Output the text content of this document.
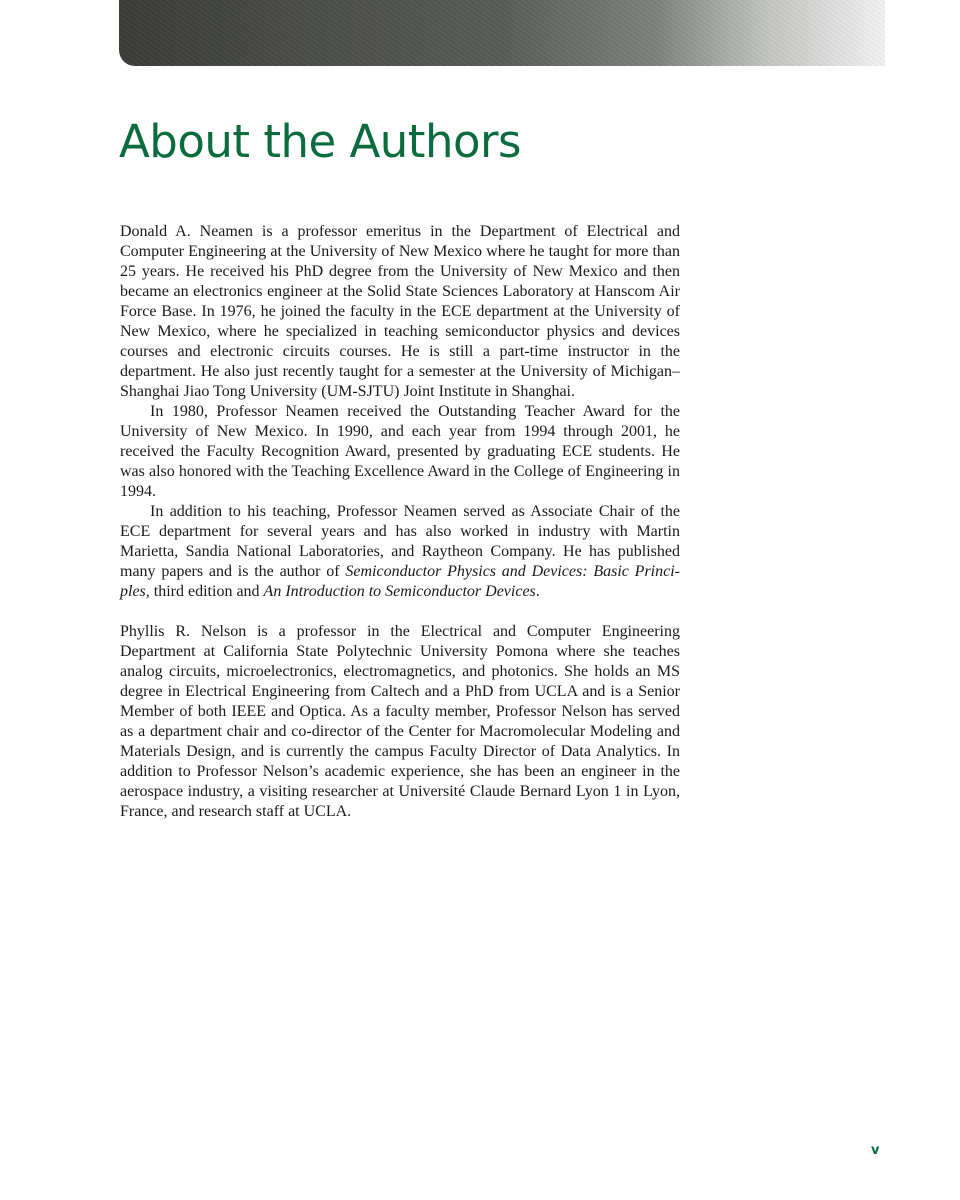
About the Authors

Donald A. Neamen is a professor emeritus in the Department of Electrical and Computer Engineering at the University of New Mexico where he taught for more than 25 years. He received his PhD degree from the University of New Mexico and then became an electronics engineer at the Solid State Sciences Laboratory at Hanscom Air Force Base. In 1976, he joined the faculty in the ECE department at the University of New Mexico, where he specialized in teaching semiconductor physics and devices courses and electronic circuits courses. He is still a part-time instructor in the department. He also just recently taught for a semester at the University of Michigan–Shanghai Jiao Tong University (UM-SJTU) Joint Institute in Shanghai.

In 1980, Professor Neamen received the Outstanding Teacher Award for the University of New Mexico. In 1990, and each year from 1994 through 2001, he received the Faculty Recognition Award, presented by graduating ECE students. He was also honored with the Teaching Excellence Award in the College of Engineering in 1994.

In addition to his teaching, Professor Neamen served as Associate Chair of the ECE department for several years and has also worked in industry with Martin Marietta, Sandia National Laboratories, and Raytheon Company. He has published many papers and is the author of Semiconductor Physics and Devices: Basic Princi-ples, third edition and An Introduction to Semiconductor Devices.

Phyllis R. Nelson is a professor in the Electrical and Computer Engineering Department at California State Polytechnic University Pomona where she teaches analog circuits, microelectronics, electromagnetics, and photonics. She holds an MS degree in Electrical Engineering from Caltech and a PhD from UCLA and is a Senior Member of both IEEE and Optica. As a faculty member, Professor Nelson has served as a department chair and co-director of the Center for Macromolecular Modeling and Materials Design, and is currently the campus Faculty Director of Data Analytics. In addition to Professor Nelson’s academic experience, she has been an engineer in the aerospace industry, a visiting researcher at Université Claude Bernard Lyon 1 in Lyon, France, and research staff at UCLA.

v
